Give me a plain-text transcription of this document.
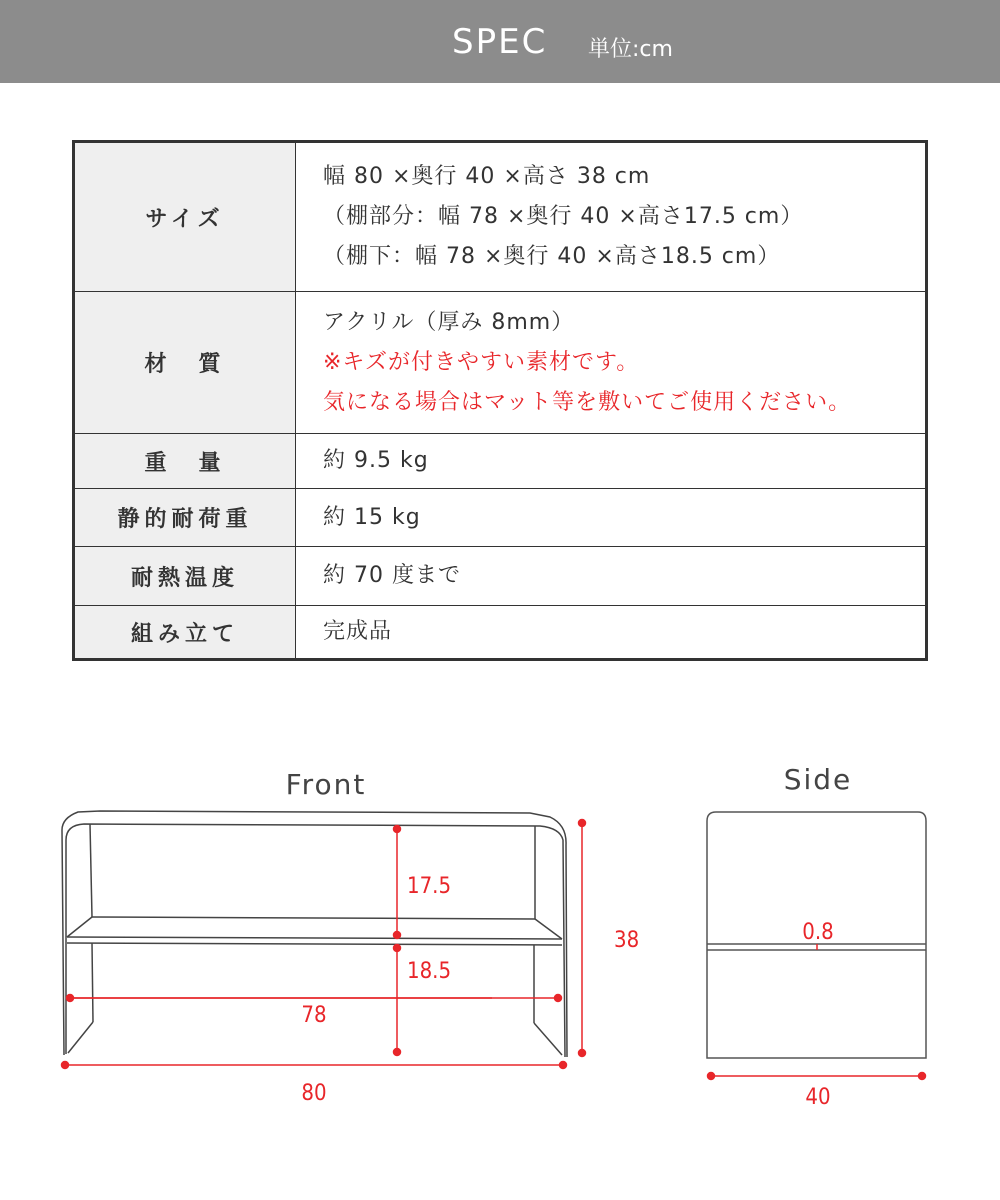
SPEC 単位:cm
サイズ	幅 80 ×奥行 40 ×高さ 38 cm
（棚部分：幅 78 ×奥行 40 ×高さ17.5 cm）
（棚下：幅 78 ×奥行 40 ×高さ18.5 cm）

材　質	アクリル（厚み 8mm）
※キズが付きやすい素材です。
気になる場合はマット等を敷いてご使用ください。

重　量	約 9.5 kg
静的耐荷重	約 15 kg
耐熱温度	約 70 度まで
組み立て	完成品
Front	Side
17.5
18.5
78
80
38	0.8
40
